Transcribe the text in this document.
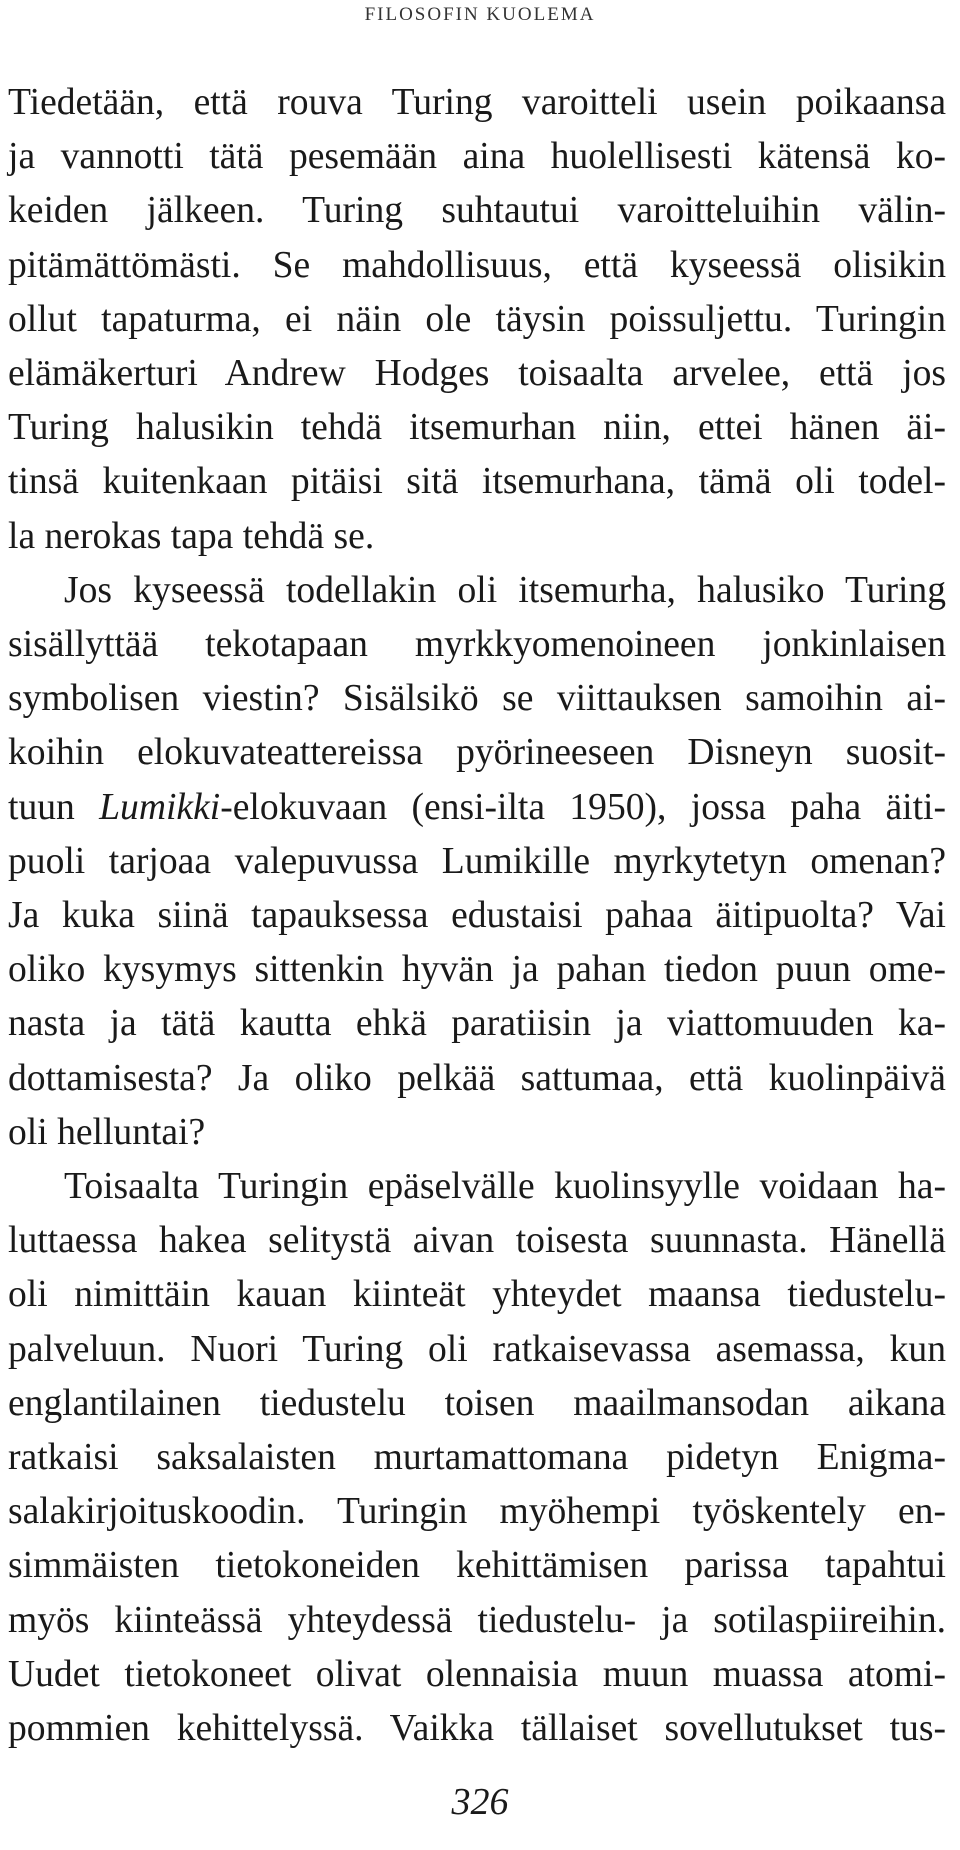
FILOSOFIN KUOLEMA
Tiedetään, että rouva Turing varoitteli usein poikaansa
ja vannotti tätä pesemään aina huolellisesti kätensä ko-
keiden jälkeen. Turing suhtautui varoitteluihin välin-
pitämättömästi. Se mahdollisuus, että kyseessä olisikin
ollut tapaturma, ei näin ole täysin poissuljettu. Turingin
elämäkerturi Andrew Hodges toisaalta arvelee, että jos
Turing halusikin tehdä itsemurhan niin, ettei hänen äi-
tinsä kuitenkaan pitäisi sitä itsemurhana, tämä oli todel-
la nerokas tapa tehdä se.
Jos kyseessä todellakin oli itsemurha, halusiko Turing
sisällyttää tekotapaan myrkkyomenoineen jonkinlaisen
symbolisen viestin? Sisälsikö se viittauksen samoihin ai-
koihin elokuvateattereissa pyörineeseen Disneyn suosit-
tuun Lumikki-elokuvaan (ensi-ilta 1950), jossa paha äiti-
puoli tarjoaa valepuvussa Lumikille myrkytetyn omenan?
Ja kuka siinä tapauksessa edustaisi pahaa äitipuolta? Vai
oliko kysymys sittenkin hyvän ja pahan tiedon puun ome-
nasta ja tätä kautta ehkä paratiisin ja viattomuuden ka-
dottamisesta? Ja oliko pelkää sattumaa, että kuolinpäivä
oli helluntai?
Toisaalta Turingin epäselvälle kuolinsyylle voidaan ha-
luttaessa hakea selitystä aivan toisesta suunnasta. Hänellä
oli nimittäin kauan kiinteät yhteydet maansa tiedustelu-
palveluun. Nuori Turing oli ratkaisevassa asemassa, kun
englantilainen tiedustelu toisen maailmansodan aikana
ratkaisi saksalaisten murtamattomana pidetyn Enigma-
salakirjoituskoodin. Turingin myöhempi työskentely en-
simmäisten tietokoneiden kehittämisen parissa tapahtui
myös kiinteässä yhteydessä tiedustelu- ja sotilaspiireihin.
Uudet tietokoneet olivat olennaisia muun muassa atomi-
pommien kehittelyssä. Vaikka tällaiset sovellutukset tus-
326
